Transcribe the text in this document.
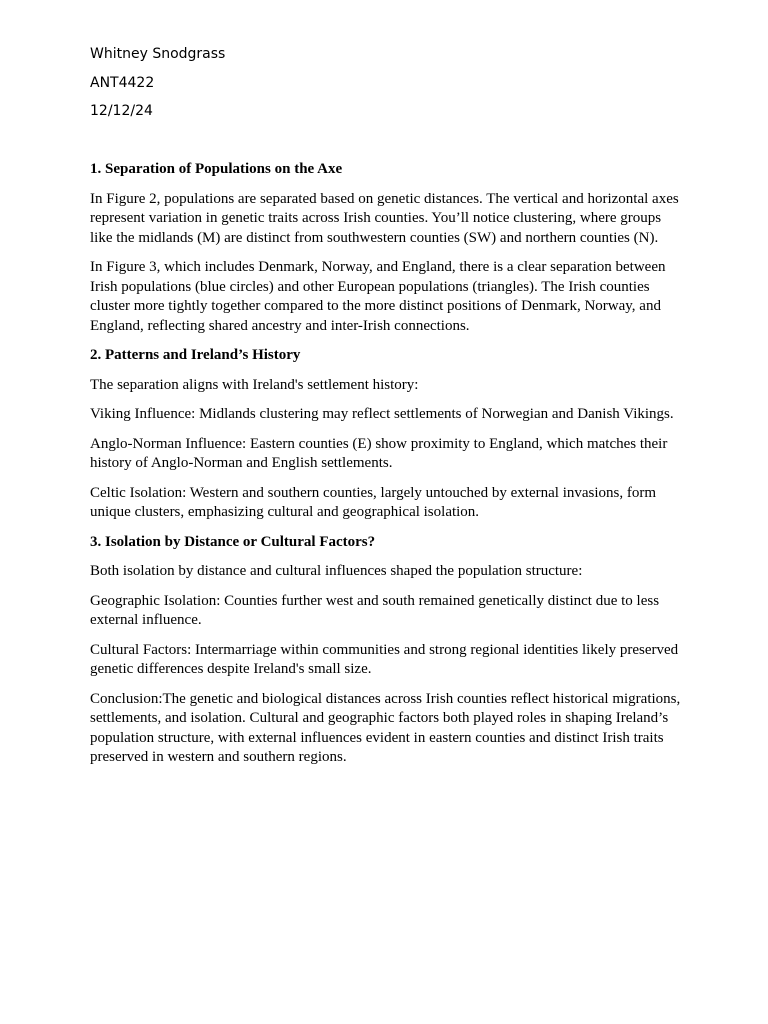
Whitney Snodgrass
ANT4422
12/12/24
1. Separation of Populations on the Axe

In Figure 2, populations are separated based on genetic distances. The vertical and horizontal axes represent variation in genetic traits across Irish counties. You’ll notice clustering, where groups like the midlands (M) are distinct from southwestern counties (SW) and northern counties (N).

In Figure 3, which includes Denmark, Norway, and England, there is a clear separation between Irish populations (blue circles) and other European populations (triangles). The Irish counties cluster more tightly together compared to the more distinct positions of Denmark, Norway, and England, reflecting shared ancestry and inter-Irish connections.

2. Patterns and Ireland’s History

The separation aligns with Ireland's settlement history:

Viking Influence: Midlands clustering may reflect settlements of Norwegian and Danish Vikings.

Anglo-Norman Influence: Eastern counties (E) show proximity to England, which matches their history of Anglo-Norman and English settlements.

Celtic Isolation: Western and southern counties, largely untouched by external invasions, form unique clusters, emphasizing cultural and geographical isolation.

3. Isolation by Distance or Cultural Factors?

Both isolation by distance and cultural influences shaped the population structure:

Geographic Isolation: Counties further west and south remained genetically distinct due to less external influence.

Cultural Factors: Intermarriage within communities and strong regional identities likely preserved genetic differences despite Ireland's small size.

Conclusion:The genetic and biological distances across Irish counties reflect historical migrations, settlements, and isolation. Cultural and geographic factors both played roles in shaping Ireland’s population structure, with external influences evident in eastern counties and distinct Irish traits preserved in western and southern regions.
